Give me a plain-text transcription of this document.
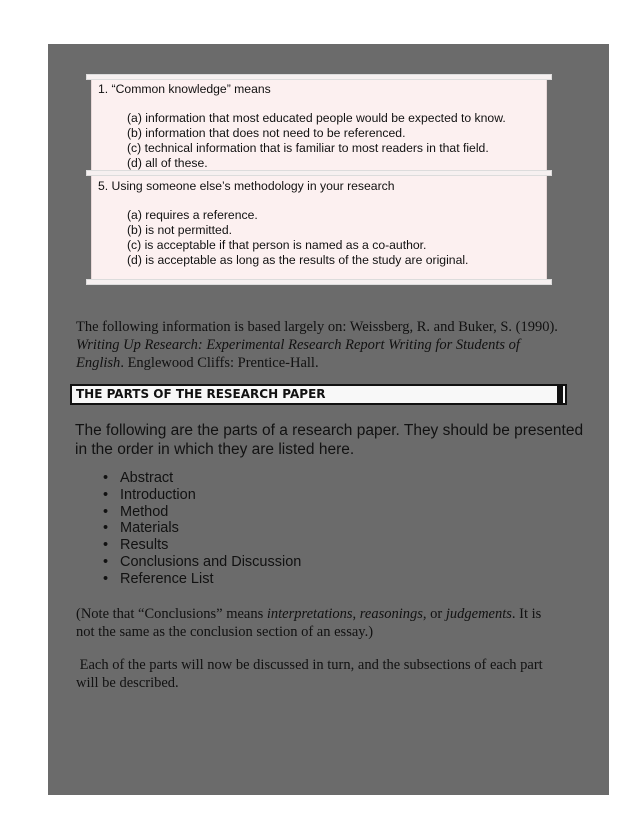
1. “Common knowledge” means
(a) information that most educated people would be expected to know.
(b) information that does not need to be referenced.
(c) technical information that is familiar to most readers in that field.
(d) all of these.
5. Using someone else’s methodology in your research
(a) requires a reference.
(b) is not permitted.
(c) is acceptable if that person is named as a co-author.
(d) is acceptable as long as the results of the study are original.
The following information is based largely on: Weissberg, R. and Buker, S. (1990).
Writing Up Research: Experimental Research Report Writing for Students of
English. Englewood Cliffs: Prentice-Hall.
THE PARTS OF THE RESEARCH PAPER
The following are the parts of a research paper. They should be presented
in the order in which they are listed here.
• Abstract
• Introduction
• Method
• Materials
• Results
• Conclusions and Discussion
• Reference List
(Note that “Conclusions” means interpretations, reasonings, or judgements. It is
not the same as the conclusion section of an essay.)
Each of the parts will now be discussed in turn, and the subsections of each part
will be described.
